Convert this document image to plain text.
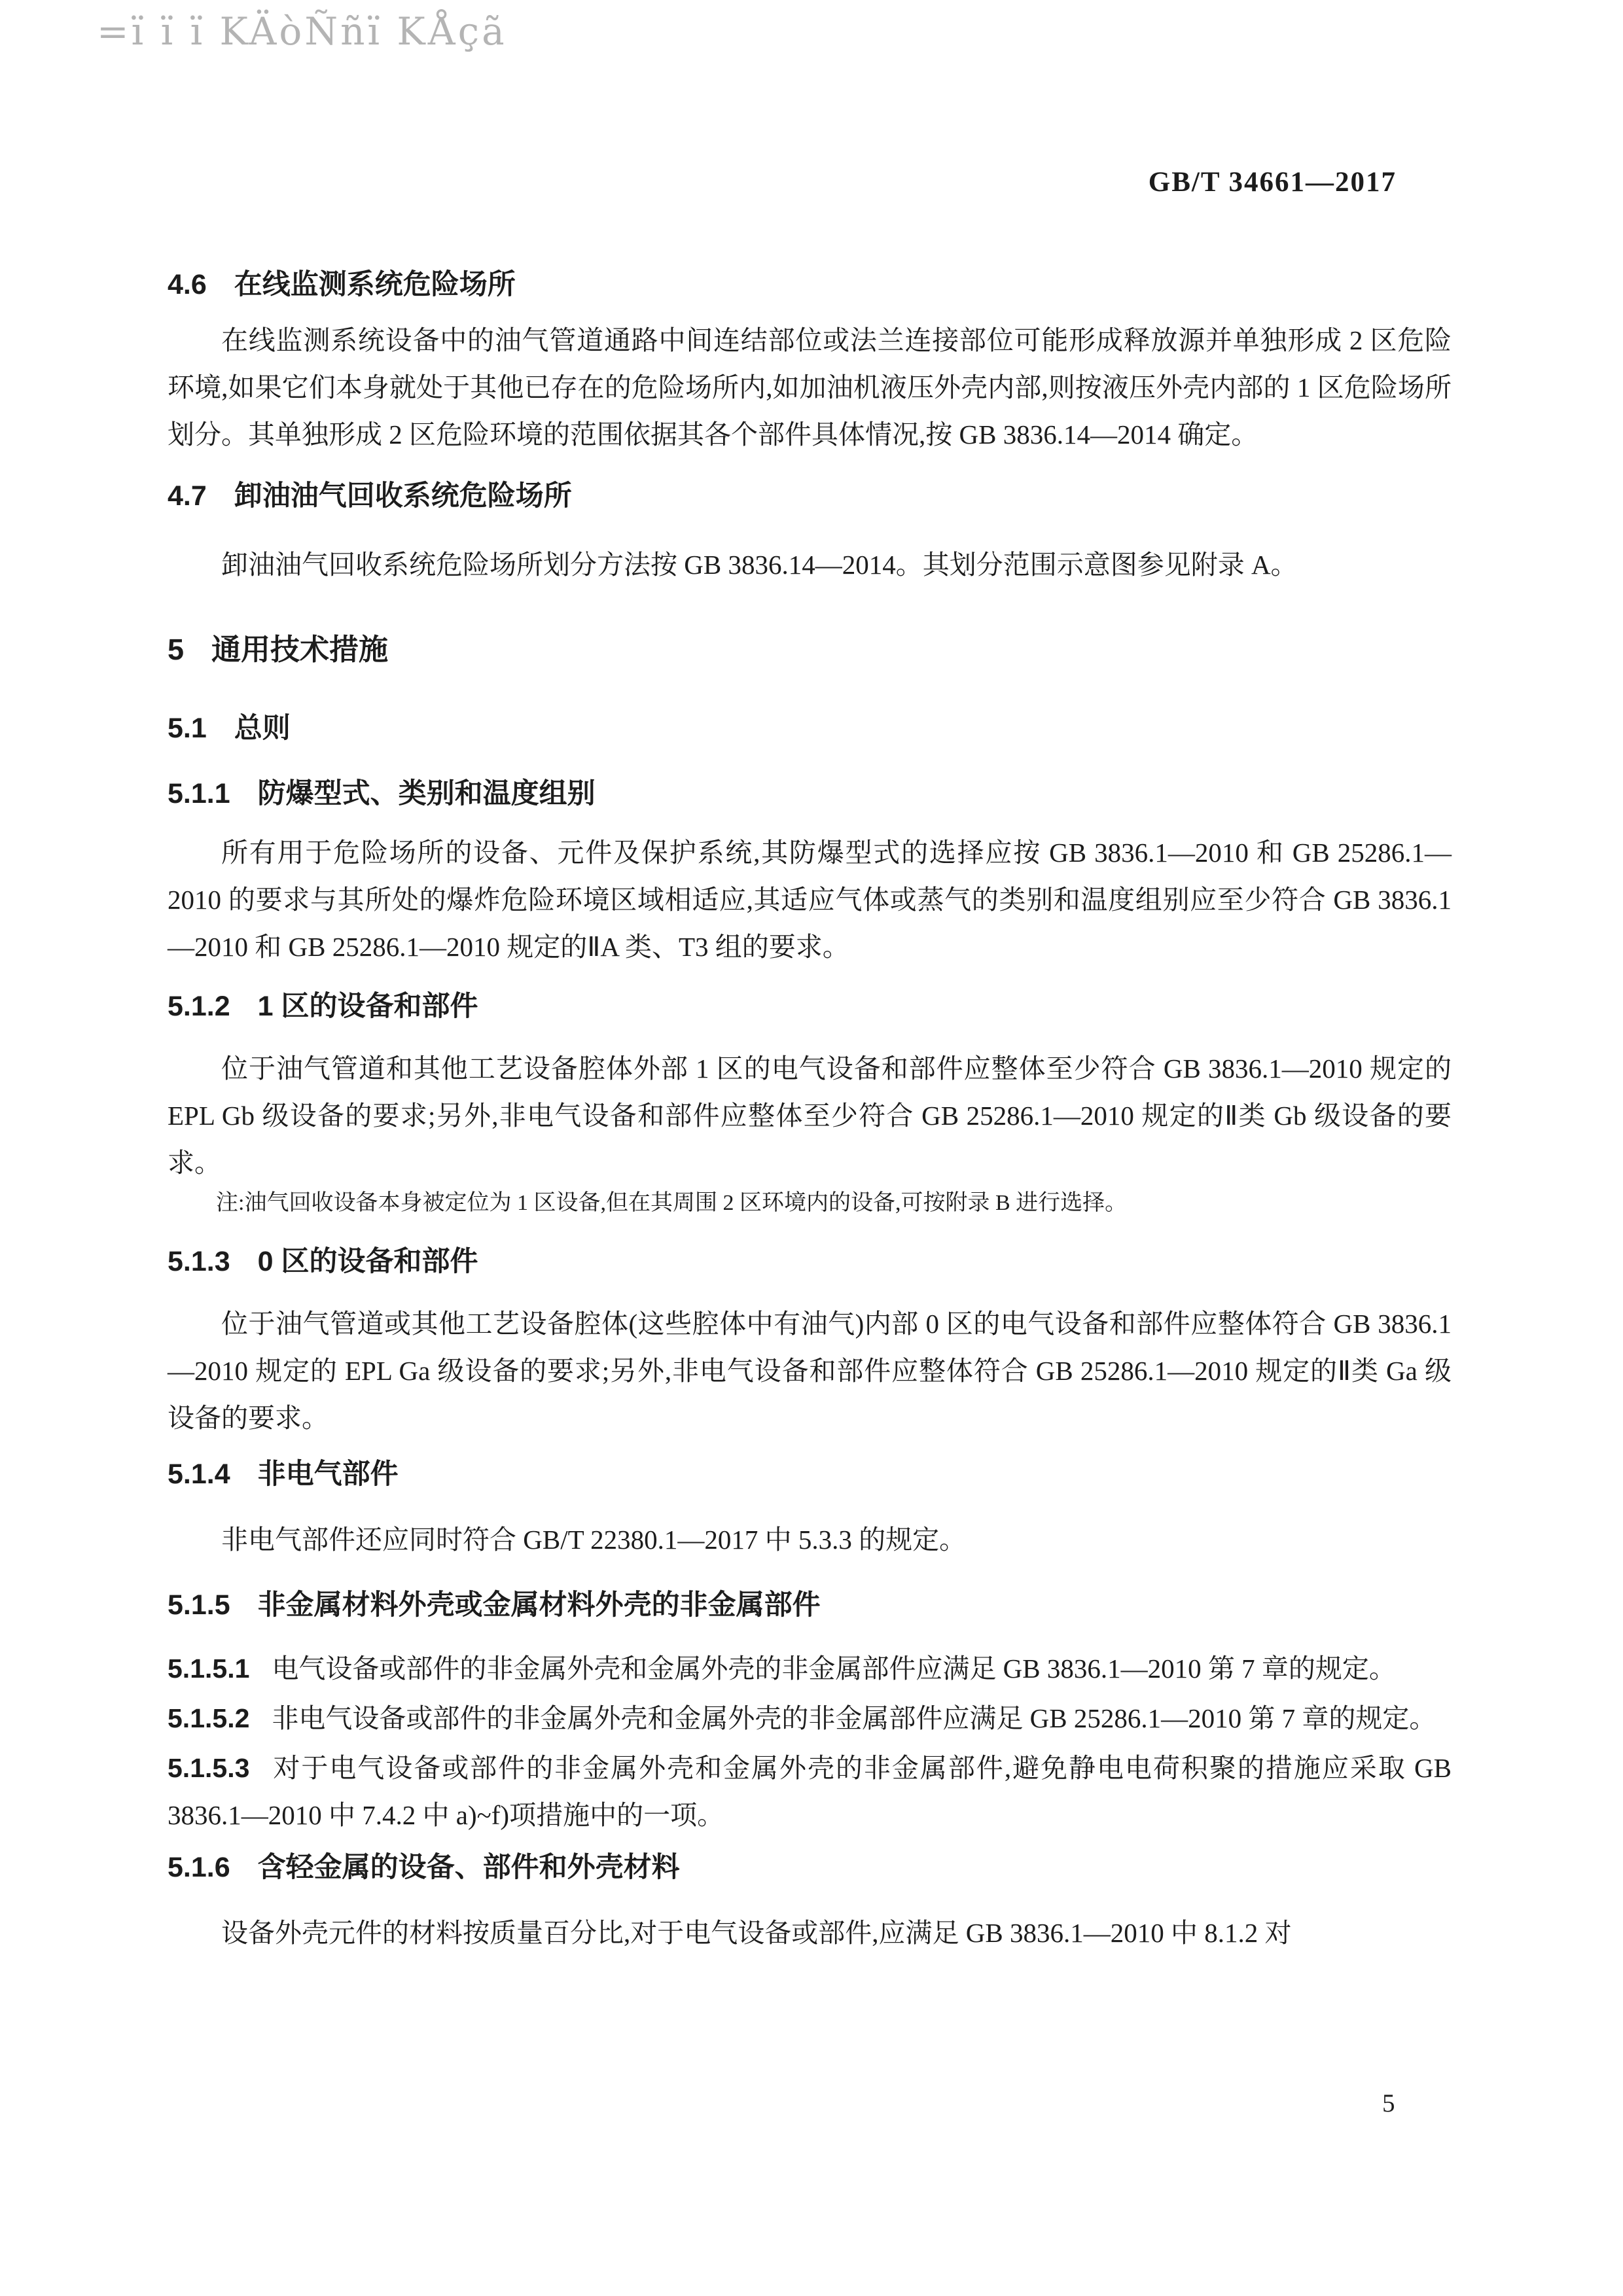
=ï ï ï KÄòÑñï KÅçã
GB/T 34661—2017
4.6 在线监测系统危险场所

在线监测系统设备中的油气管道通路中间连结部位或法兰连接部位可能形成释放源并单独形成 2 区危险环境,如果它们本身就处于其他已存在的危险场所内,如加油机液压外壳内部,则按液压外壳内部的 1 区危险场所划分。其单独形成 2 区危险环境的范围依据其各个部件具体情况,按 GB 3836.14—2014 确定。

4.7 卸油油气回收系统危险场所

卸油油气回收系统危险场所划分方法按 GB 3836.14—2014。其划分范围示意图参见附录 A。

5 通用技术措施
5.1 总则
5.1.1 防爆型式、类别和温度组别

所有用于危险场所的设备、元件及保护系统,其防爆型式的选择应按 GB 3836.1—2010 和 GB 25286.1—2010 的要求与其所处的爆炸危险环境区域相适应,其适应气体或蒸气的类别和温度组别应至少符合 GB 3836.1—2010 和 GB 25286.1—2010 规定的ⅡA 类、T3 组的要求。

5.1.2 1 区的设备和部件

位于油气管道和其他工艺设备腔体外部 1 区的电气设备和部件应整体至少符合 GB 3836.1—2010 规定的 EPL Gb 级设备的要求;另外,非电气设备和部件应整体至少符合 GB 25286.1—2010 规定的Ⅱ类 Gb 级设备的要求。

注:油气回收设备本身被定位为 1 区设备,但在其周围 2 区环境内的设备,可按附录 B 进行选择。

5.1.3 0 区的设备和部件

位于油气管道或其他工艺设备腔体(这些腔体中有油气)内部 0 区的电气设备和部件应整体符合 GB 3836.1—2010 规定的 EPL Ga 级设备的要求;另外,非电气设备和部件应整体符合 GB 25286.1—2010 规定的Ⅱ类 Ga 级设备的要求。

5.1.4 非电气部件

非电气部件还应同时符合 GB/T 22380.1—2017 中 5.3.3 的规定。

5.1.5 非金属材料外壳或金属材料外壳的非金属部件

5.1.5.1 电气设备或部件的非金属外壳和金属外壳的非金属部件应满足 GB 3836.1—2010 第 7 章的规定。

5.1.5.2 非电气设备或部件的非金属外壳和金属外壳的非金属部件应满足 GB 25286.1—2010 第 7 章的规定。

5.1.5.3 对于电气设备或部件的非金属外壳和金属外壳的非金属部件,避免静电电荷积聚的措施应采取 GB 3836.1—2010 中 7.4.2 中 a)~f)项措施中的一项。

5.1.6 含轻金属的设备、部件和外壳材料

设备外壳元件的材料按质量百分比,对于电气设备或部件,应满足 GB 3836.1—2010 中 8.1.2 对

5
